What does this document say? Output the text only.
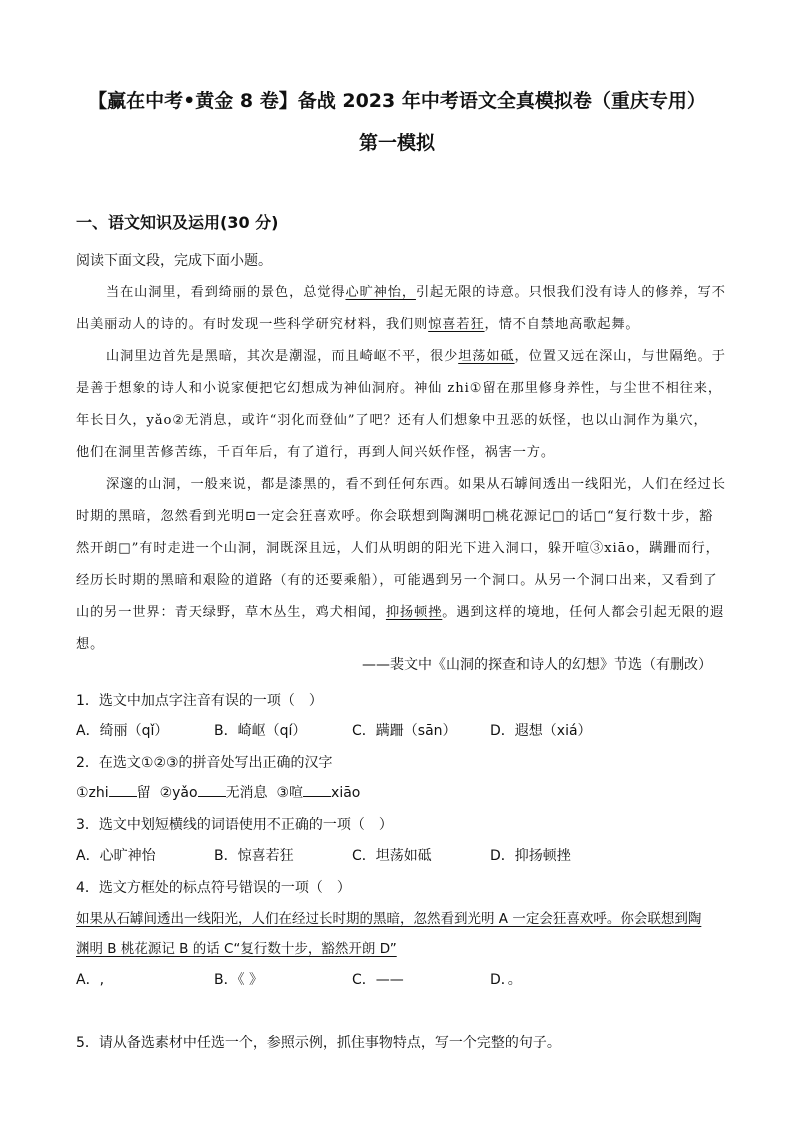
【赢在中考•黄金 8 卷】备战 2023 年中考语文全真模拟卷（重庆专用）
第一模拟
一、语文知识及运用(30 分)
阅读下面文段，完成下面小题。
当在山洞里，看到绮丽的景色，总觉得心旷神怡，引起无限的诗意。只恨我们没有诗人的修养，写不
出美丽动人的诗的。有时发现一些科学研究材料，我们则惊喜若狂，情不自禁地高歌起舞。
山洞里边首先是黑暗，其次是潮湿，而且崎岖不平，很少坦荡如砥，位置又远在深山，与世隔绝。于
是善于想象的诗人和小说家便把它幻想成为神仙洞府。神仙 zhi①留在那里修身养性，与尘世不相往来，
年长日久，yǎo②无消息，或许“羽化而登仙”了吧？还有人们想象中丑恶的妖怪，也以山洞作为巢穴，
他们在洞里苦修苦练，千百年后，有了道行，再到人间兴妖作怪，祸害一方。
深邃的山洞，一般来说，都是漆黑的，看不到任何东西。如果从石罅间透出一线阳光，人们在经过长
时期的黑暗，忽然看到光明⊡一定会狂喜欢呼。你会联想到陶渊明□桃花源记□的话□“复行数十步，豁
然开朗□”有时走进一个山洞，洞既深且远，人们从明朗的阳光下进入洞口，躲开喧③xiāo，蹒跚而行，
经历长时期的黑暗和艰险的道路（有的还要乘船），可能遇到另一个洞口。从另一个洞口出来，又看到了
山的另一世界：青天绿野，草木丛生，鸡犬相闻，抑扬顿挫。遇到这样的境地，任何人都会引起无限的遐
想。
——裴文中《山洞的探查和诗人的幻想》节选（有删改）
1．选文中加点字注音有误的一项（　）
A．绮丽（qǐ）	B．崎岖（qí）	C．蹒跚（sān） D．遐想（xiá）
2．在选文①②③的拼音处写出正确的汉字
①zhi 留 ②yǎo 无消息 ③喧 xiāo
3．选文中划短横线的词语使用不正确的一项（　）
A．心旷神怡	B．惊喜若狂	C．坦荡如砥	D．抑扬顿挫
4．选文方框处的标点符号错误的一项（　）
如果从石罅间透出一线阳光，人们在经过长时期的黑暗，忽然看到光明 A 一定会狂喜欢呼。你会联想到陶
渊明 B 桃花源记 B 的话 C“复行数十步，豁然开朗 D”
A．,	B．《 》	C．——	D．。
5．请从备选素材中任选一个，参照示例，抓住事物特点，写一个完整的句子。
